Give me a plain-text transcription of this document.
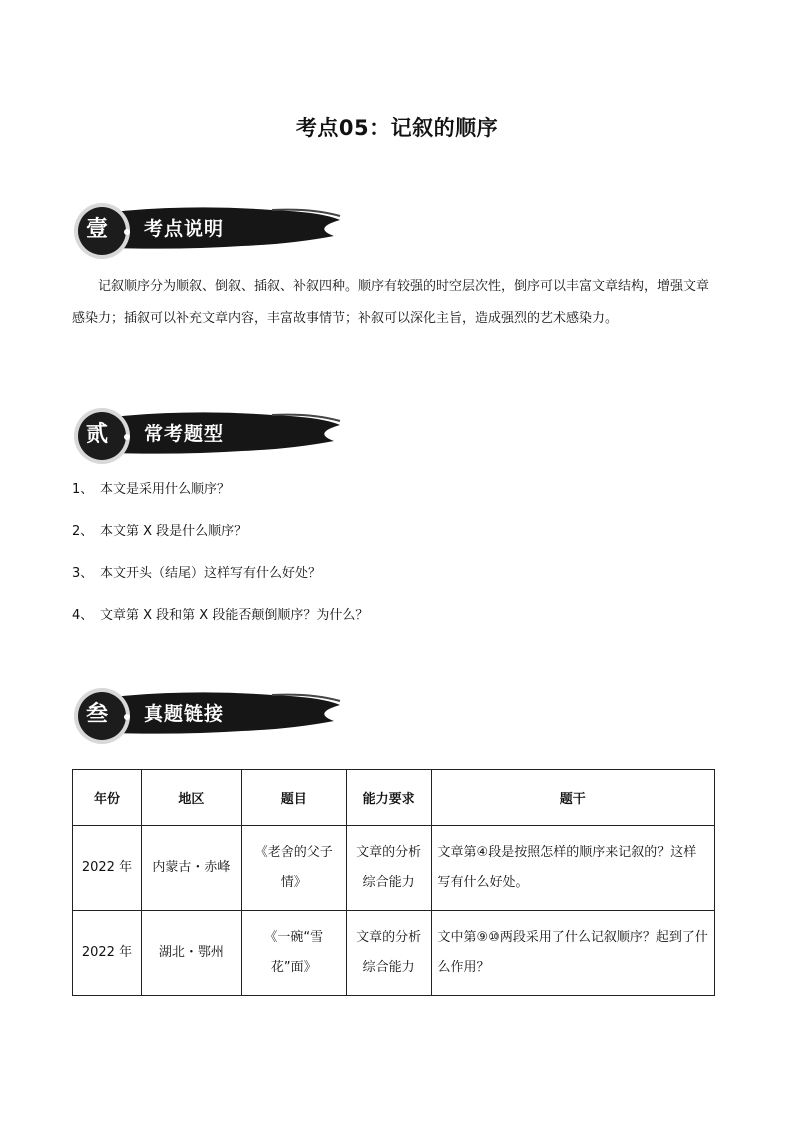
考点05：记叙的顺序
壹 考点说明

记叙顺序分为顺叙、倒叙、插叙、补叙四种。顺序有较强的时空层次性，倒序可以丰富文章结构，增强文章感染力；插叙可以补充文章内容，丰富故事情节；补叙可以深化主旨，造成强烈的艺术感染力。

贰 常考题型
1、 本文是采用什么顺序？
2、 本文第 X 段是什么顺序？
3、 本文开头（结尾）这样写有什么好处？
4、 文章第 X 段和第 X 段能否颠倒顺序？为什么？
叁 真题链接
年份	地区	题目	能力要求	题干
2022 年	内蒙古・赤峰	《老舍的父子情》	文章的分析综合能力	文章第④段是按照怎样的顺序来记叙的？这样写有什么好处。
2022 年	湖北・鄂州	《一碗“雪花”面》	文章的分析综合能力	文中第⑨⑩两段采用了什么记叙顺序？起到了什么作用？
